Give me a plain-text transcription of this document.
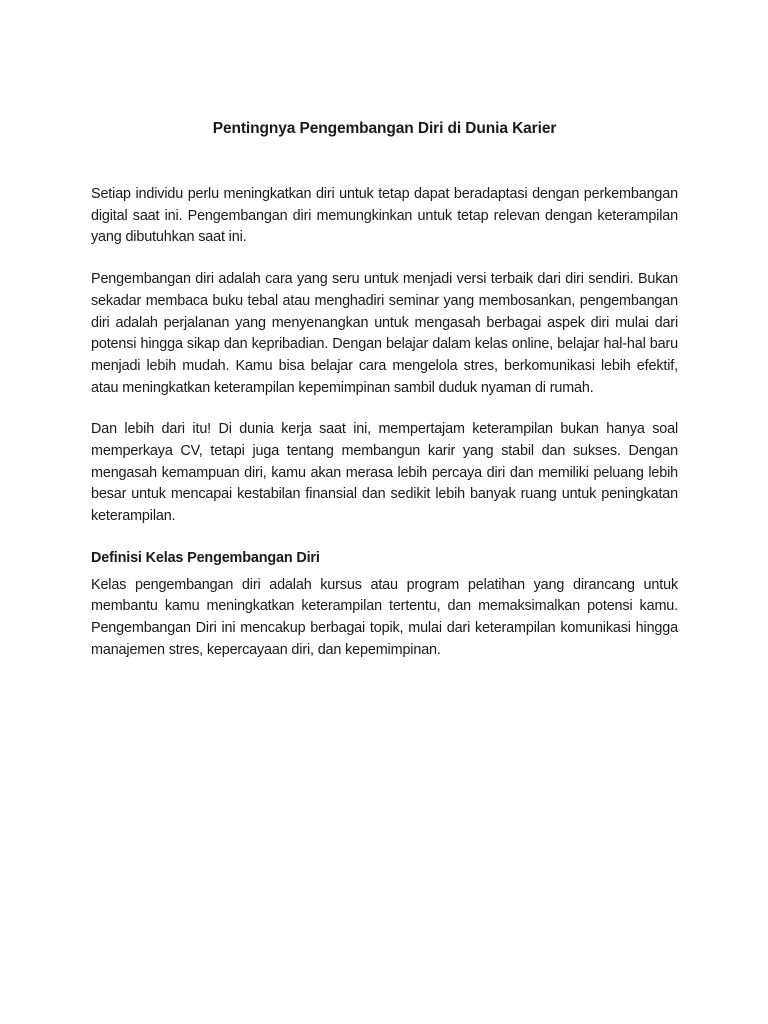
Pentingnya Pengembangan Diri di Dunia Karier

Setiap individu perlu meningkatkan diri untuk tetap dapat beradaptasi dengan perkembangan digital saat ini. Pengembangan diri memungkinkan untuk tetap relevan dengan keterampilan yang dibutuhkan saat ini.

Pengembangan diri adalah cara yang seru untuk menjadi versi terbaik dari diri sendiri. Bukan sekadar membaca buku tebal atau menghadiri seminar yang membosankan, pengembangan diri adalah perjalanan yang menyenangkan untuk mengasah berbagai aspek diri mulai dari potensi hingga sikap dan kepribadian. Dengan belajar dalam kelas online, belajar hal-hal baru menjadi lebih mudah. Kamu bisa belajar cara mengelola stres, berkomunikasi lebih efektif, atau meningkatkan keterampilan kepemimpinan sambil duduk nyaman di rumah.

Dan lebih dari itu! Di dunia kerja saat ini, mempertajam keterampilan bukan hanya soal memperkaya CV, tetapi juga tentang membangun karir yang stabil dan sukses. Dengan mengasah kemampuan diri, kamu akan merasa lebih percaya diri dan memiliki peluang lebih besar untuk mencapai kestabilan finansial dan sedikit lebih banyak ruang untuk peningkatan keterampilan.

Definisi Kelas Pengembangan Diri

Kelas pengembangan diri adalah kursus atau program pelatihan yang dirancang untuk membantu kamu meningkatkan keterampilan tertentu, dan memaksimalkan potensi kamu. Pengembangan Diri ini mencakup berbagai topik, mulai dari keterampilan komunikasi hingga manajemen stres, kepercayaan diri, dan kepemimpinan.
